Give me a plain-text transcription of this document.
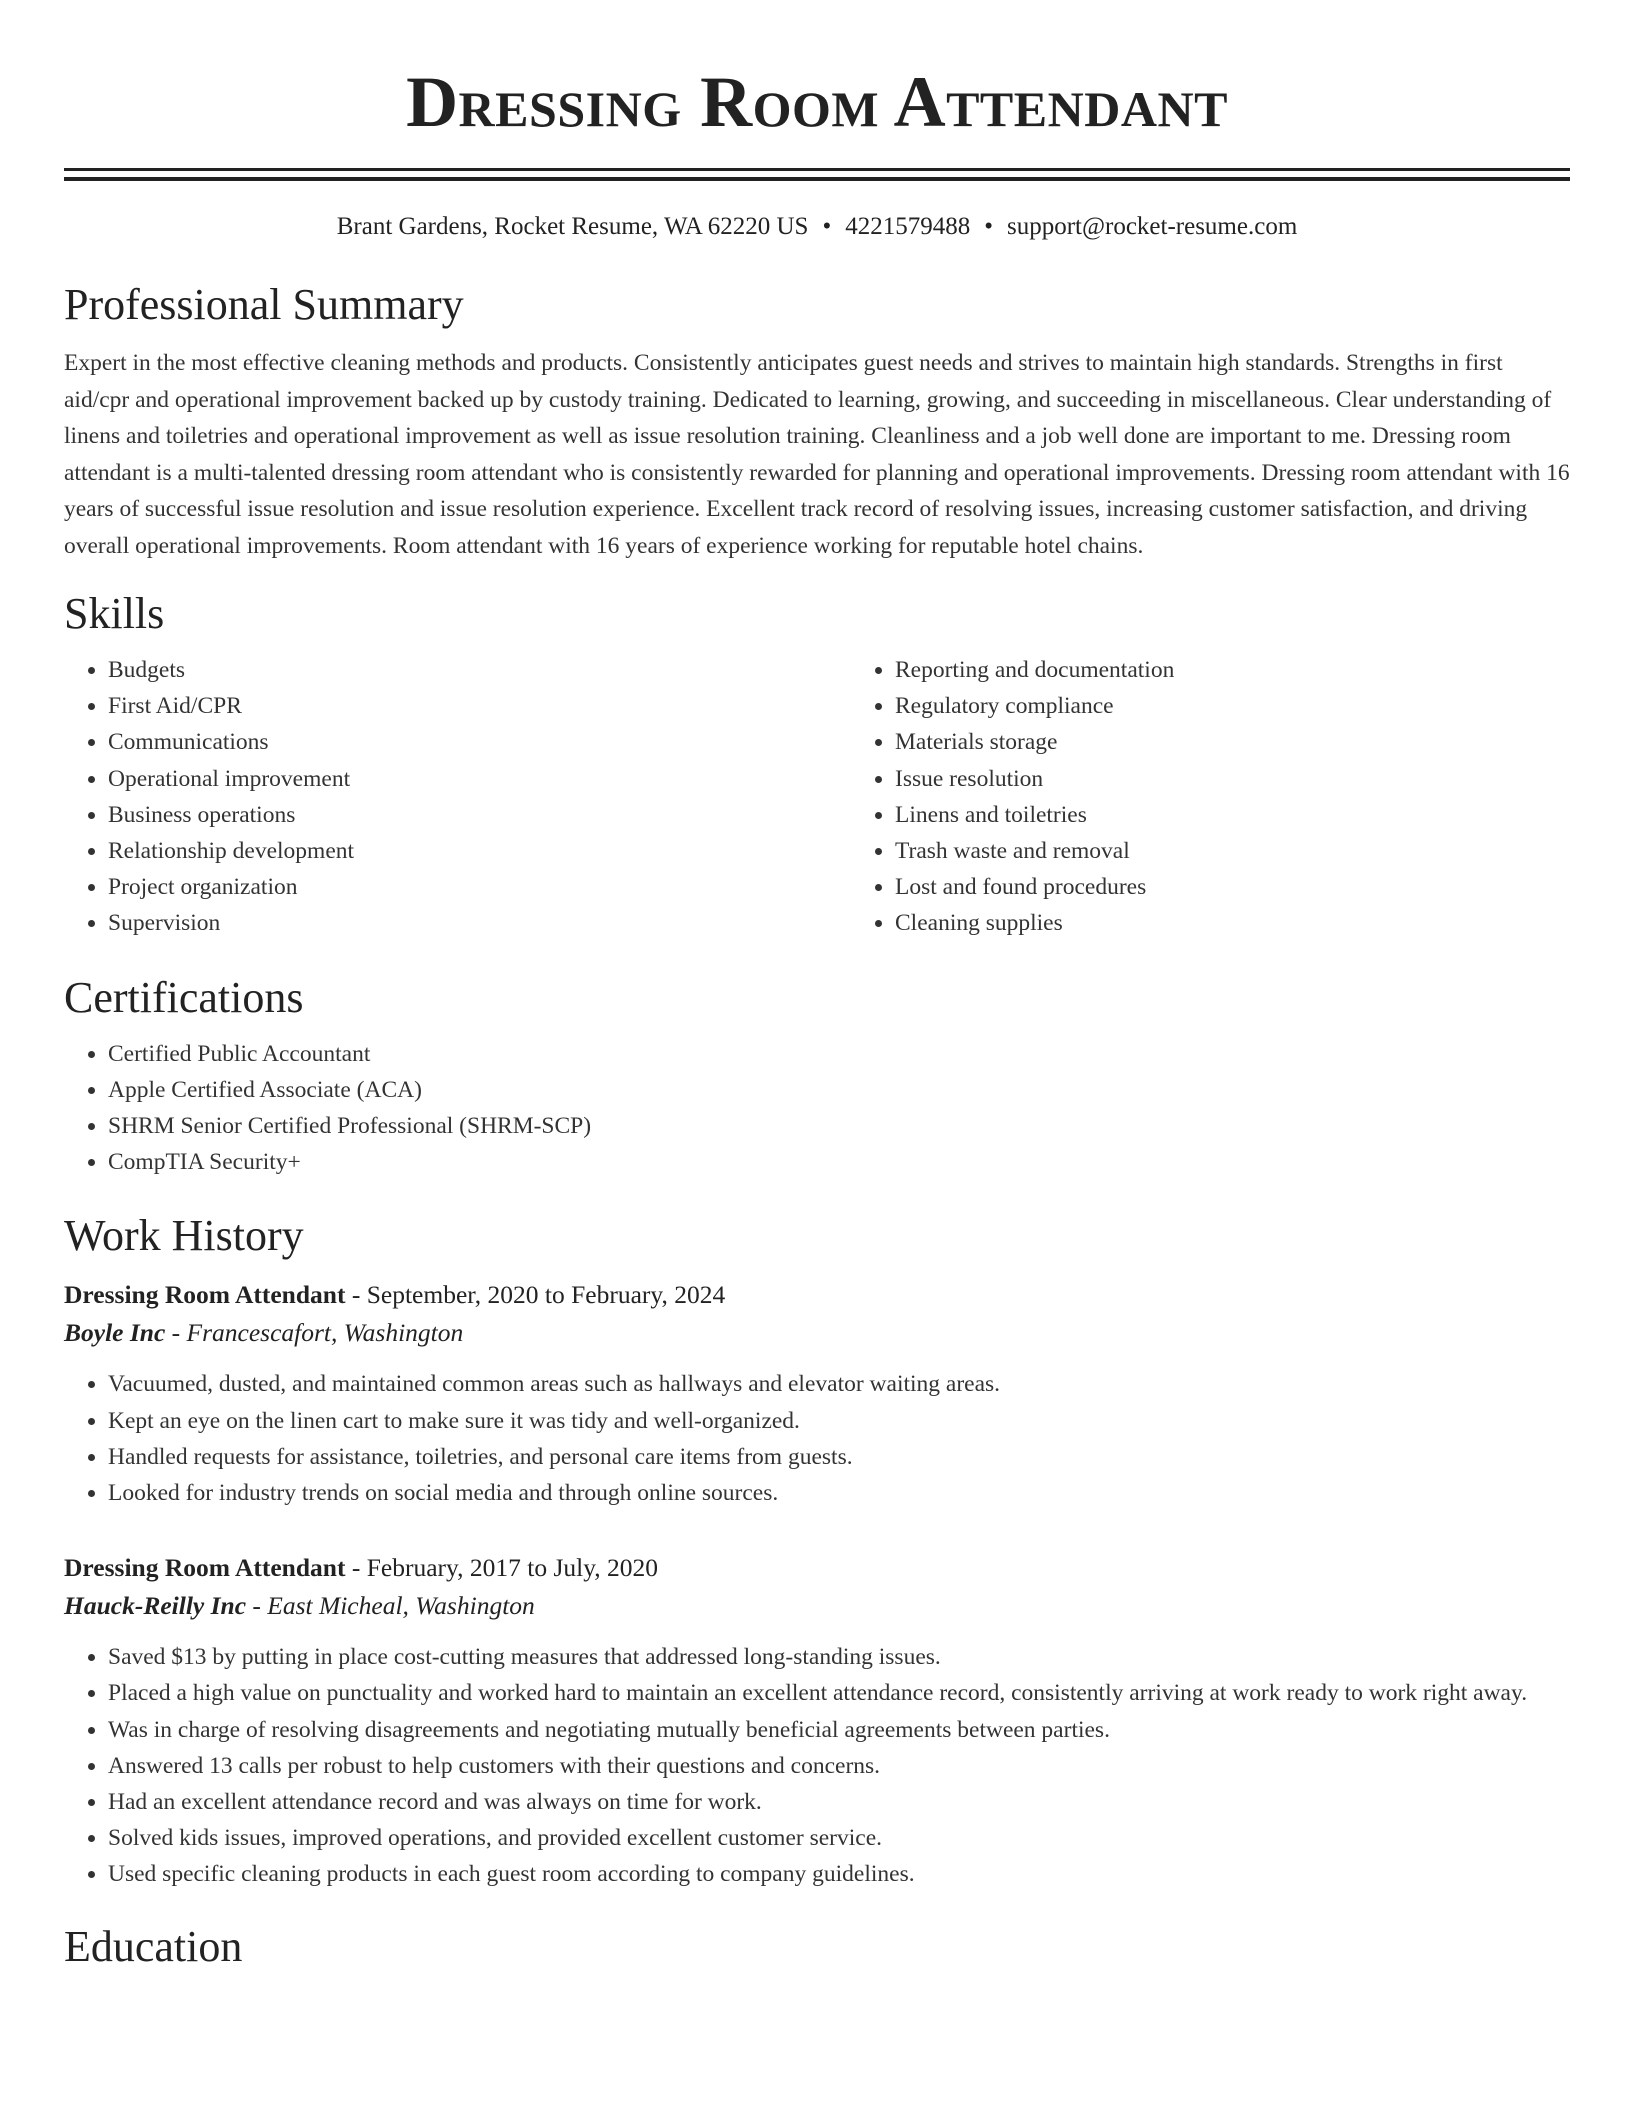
Dressing Room Attendant
Brant Gardens, Rocket Resume, WA 62220 US • 4221579488 • support@rocket-resume.com
Professional Summary
Expert in the most effective cleaning methods and products. Consistently anticipates guest needs and strives to maintain high standards. Strengths in first aid/cpr and operational improvement backed up by custody training. Dedicated to learning, growing, and succeeding in miscellaneous. Clear understanding of linens and toiletries and operational improvement as well as issue resolution training. Cleanliness and a job well done are important to me. Dressing room attendant is a multi-talented dressing room attendant who is consistently rewarded for planning and operational improvements. Dressing room attendant with 16 years of successful issue resolution and issue resolution experience. Excellent track record of resolving issues, increasing customer satisfaction, and driving overall operational improvements. Room attendant with 16 years of experience working for reputable hotel chains.
Skills
• Budgets
• First Aid/CPR
• Communications
• Operational improvement
• Business operations
• Relationship development
• Project organization
• Supervision
• Reporting and documentation
• Regulatory compliance
• Materials storage
• Issue resolution
• Linens and toiletries
• Trash waste and removal
• Lost and found procedures
• Cleaning supplies
Certifications
• Certified Public Accountant
• Apple Certified Associate (ACA)
• SHRM Senior Certified Professional (SHRM-SCP)
• CompTIA Security+
Work History
Dressing Room Attendant - September, 2020 to February, 2024
Boyle Inc - Francescafort, Washington
• Vacuumed, dusted, and maintained common areas such as hallways and elevator waiting areas.
• Kept an eye on the linen cart to make sure it was tidy and well-organized.
• Handled requests for assistance, toiletries, and personal care items from guests.
• Looked for industry trends on social media and through online sources.
Dressing Room Attendant - February, 2017 to July, 2020
Hauck-Reilly Inc - East Micheal, Washington
• Saved $13 by putting in place cost-cutting measures that addressed long-standing issues.
• Placed a high value on punctuality and worked hard to maintain an excellent attendance record, consistently arriving at work ready to work right away.
• Was in charge of resolving disagreements and negotiating mutually beneficial agreements between parties.
• Answered 13 calls per robust to help customers with their questions and concerns.
• Had an excellent attendance record and was always on time for work.
• Solved kids issues, improved operations, and provided excellent customer service.
• Used specific cleaning products in each guest room according to company guidelines.
Education
